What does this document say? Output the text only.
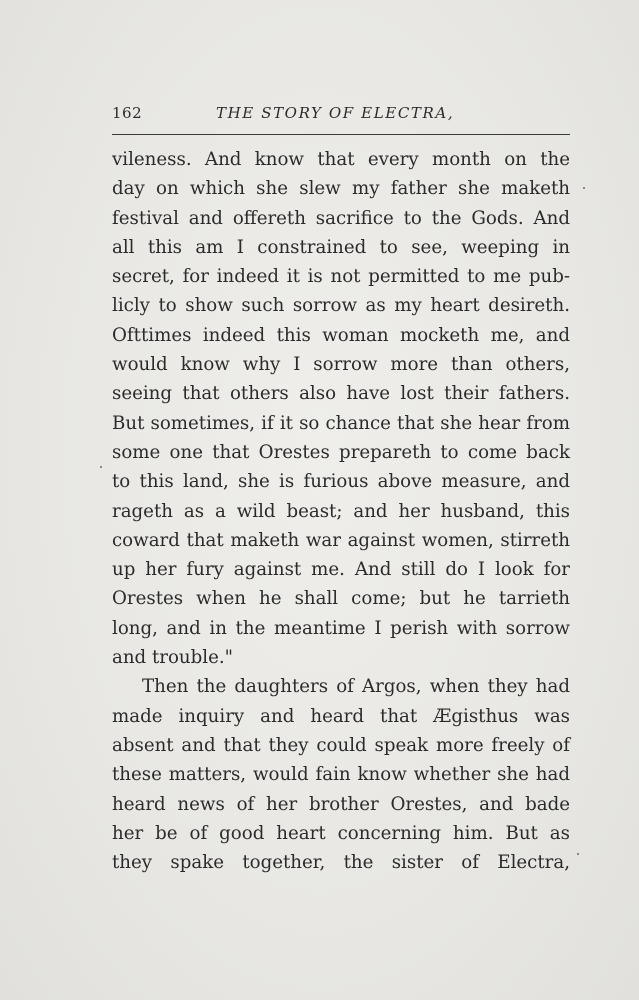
162	THE STORY OF ELECTRA,
vileness. And know that every month on the
day on which she slew my father she maketh
festival and offereth sacrifice to the Gods. And
all this am I constrained to see, weeping in
secret, for indeed it is not permitted to me pub-
licly to show such sorrow as my heart desireth.
Ofttimes indeed this woman mocketh me, and
would know why I sorrow more than others,
seeing that others also have lost their fathers.
But sometimes, if it so chance that she hear from
some one that Orestes prepareth to come back
to this land, she is furious above measure, and
rageth as a wild beast; and her husband, this
coward that maketh war against women, stirreth
up her fury against me. And still do I look for
Orestes when he shall come; but he tarrieth
long, and in the meantime I perish with sorrow
and trouble."
Then the daughters of Argos, when they had
made inquiry and heard that Ægisthus was
absent and that they could speak more freely of
these matters, would fain know whether she had
heard news of her brother Orestes, and bade
her be of good heart concerning him. But as
they spake together, the sister of Electra,
